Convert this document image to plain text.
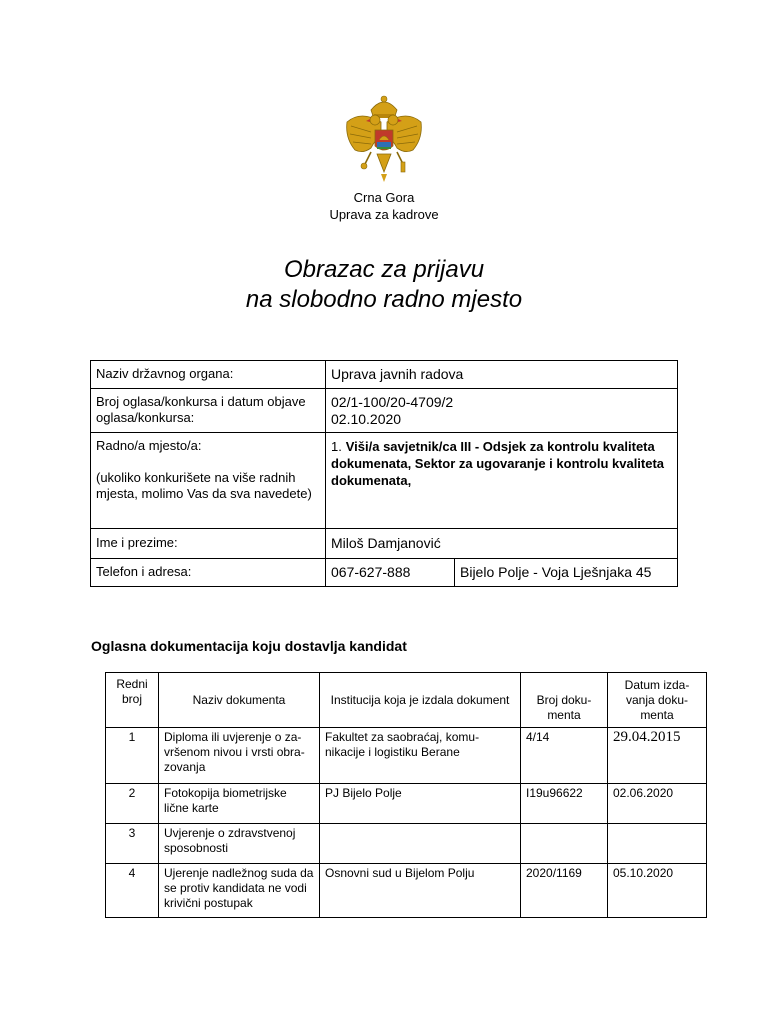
Crna Gora
Uprava za kadrove
Obrazac za prijavu
na slobodno radno mjesto
Naziv državnog organa:	Uprava javnih radova	
Broj oglasa/konkursa i datum objave oglasa/konkursa:	02/1-100/20-4709/2
02.10.2020	

Radno/a mjesto/a:
(ukoliko konkurišete na više radnih mjesta, molimo Vas da sva navedete)	1. Viši/a savjetnik/ca III - Odsjek za kontrolu kvaliteta dokumenata, Sektor za ugovaranje i kontrolu kvaliteta dokumenata,	
Ime i prezime:	Miloš Damjanović	
Telefon i adresa:	067-627-888	Bijelo Polje - Voja Lješnjaka 45
Oglasna dokumentacija koju dostavlja kandidat
Redni broj	Naziv dokumenta	Institucija koja je izdala dokument	Broj doku-menta	Datum izda-vanja doku-menta
1	Diploma ili uvjerenje o za-vršenom nivou i vrsti obra-zovanja	Fakultet za saobraćaj, komu-nikacije i logistiku Berane	4/14	29.04.2015
2	Fotokopija biometrijske lične karte	PJ Bijelo Polje	I19u96622	02.06.2020
3	Uvjerenje o zdravstvenoj sposobnosti			
4	Ujerenje nadležnog suda da se protiv kandidata ne vodi krivični postupak	Osnovni sud u Bijelom Polju	2020/1169	05.10.2020
